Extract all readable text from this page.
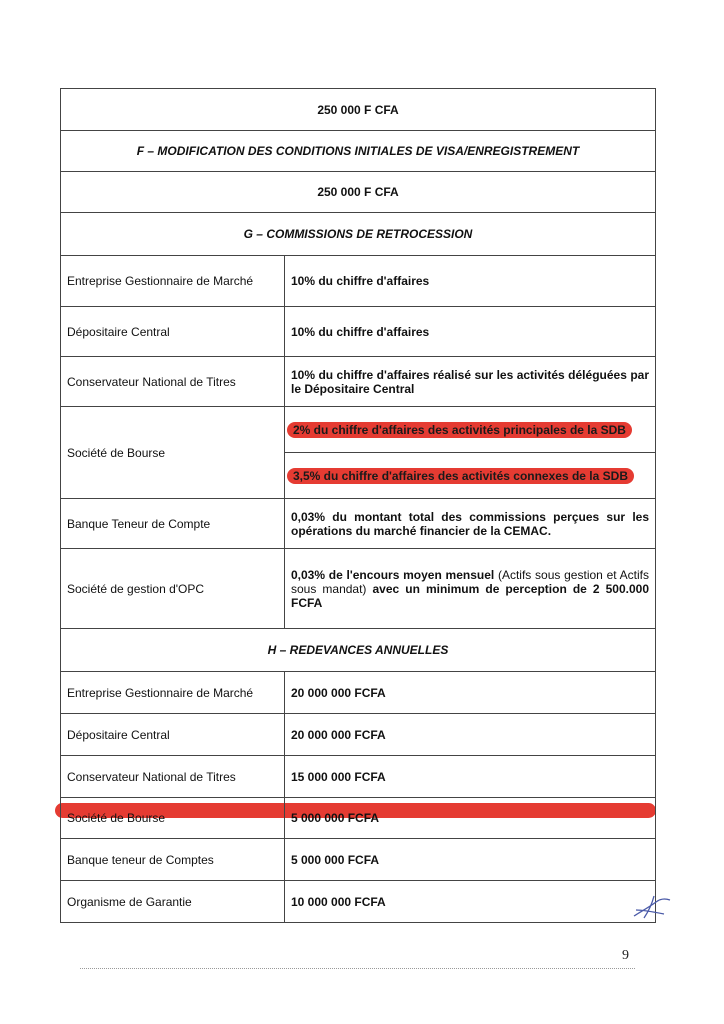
250 000 F CFA	
F – MODIFICATION DES CONDITIONS INITIALES DE VISA/ENREGISTREMENT	
250 000 F CFA	
G – COMMISSIONS DE RETROCESSION	
Entreprise Gestionnaire de Marché	10% du chiffre d'affaires
Dépositaire Central	10% du chiffre d'affaires
Conservateur National de Titres	10% du chiffre d'affaires réalisé sur les activités déléguées par le Dépositaire Central
Société de Bourse	2% du chiffre d'affaires des activités principales de la SDB
3,5% du chiffre d'affaires des activités connexes de la SDB

Banque Teneur de Compte	0,03% du montant total des commissions perçues sur les opérations du marché financier de la CEMAC.
Société de gestion d'OPC	0,03% de l'encours moyen mensuel (Actifs sous gestion et Actifs sous mandat) avec un minimum de perception de 2 500.000 FCFA
H – REDEVANCES ANNUELLES	
Entreprise Gestionnaire de Marché	20 000 000 FCFA
Dépositaire Central	20 000 000 FCFA
Conservateur National de Titres	15 000 000 FCFA
Société de Bourse	5 000 000 FCFA
Banque teneur de Comptes	5 000 000 FCFA
Organisme de Garantie	10 000 000 FCFA
9
